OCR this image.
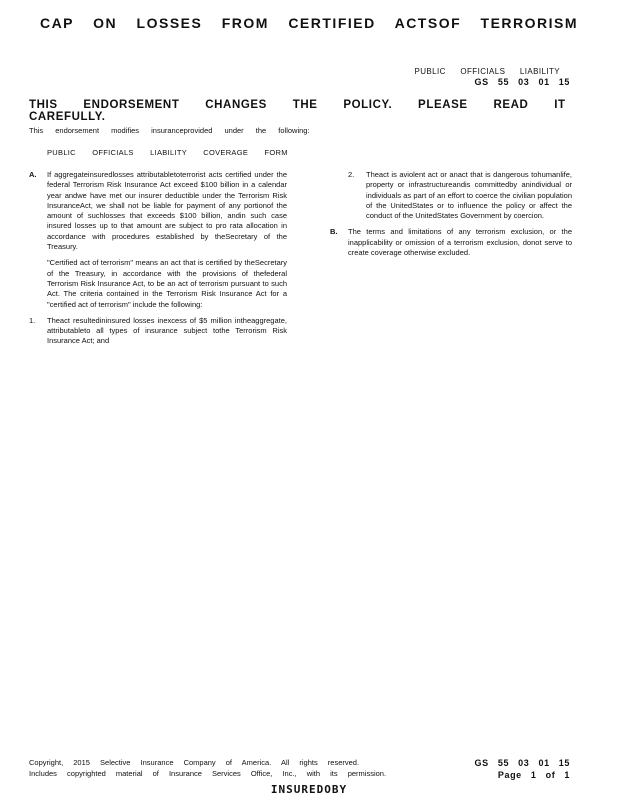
CAP ON LOSSES FROM CERTIFIED ACTSOF TERRORISM
PUBLIC OFFICIALS LIABILITY
GS 55 03 01 15
THIS ENDORSEMENT CHANGES THE POLICY. PLEASE READ IT CAREFULLY.
This endorsement modifies insuranceprovided under the following:
PUBLIC OFFICIALS LIABILITY COVERAGE FORM
A.	If aggregateinsuredlosses attributabletoterrorist acts certified under the federal Terrorism Risk Insurance Act exceed $100 billion in a calendar year andwe have met our insurer deductible under the Terrorism Risk InsuranceAct, we shall not be liable for payment of any portionof the amount of suchlosses that exceeds $100 billion, andin such case insured losses up to that amount are subject to pro rata allocation in accordance with procedures established by theSecretary of the Treasury.

"Certified act of terrorism" means an act that is certified by theSecretary of the Treasury, in accordance with the provisions of thefederal Terrorism Risk Insurance Act, to be an act of terrorism pursuant to such Act. The criteria contained in the Terrorism Risk Insurance Act for a "certified act of terrorism" include the following:

1.	Theact resultedininsured losses inexcess of $5 million intheaggregate, attributableto all types of insurance subject tothe Terrorism Risk Insurance Act; and

2.	Theact is aviolent act or anact that is dangerous tohumanlife, property or infrastructureandis committedby anindividual or individuals as part of an effort to coerce the civilian population of the UnitedStates or to influence the policy or affect the conduct of the UnitedStates Government by coercion.

B.	The terms and limitations of any terrorism exclusion, or the inapplicability or omission of a terrorism exclusion, donot serve to create coverage otherwise excluded.

Copyright, 2015 Selective Insurance Company of America. All rights reserved.
Includes copyrighted material of Insurance Services Office, Inc., with its permission.
GS 55 03 01 15
Page 1 of 1
INSUREDOBY
